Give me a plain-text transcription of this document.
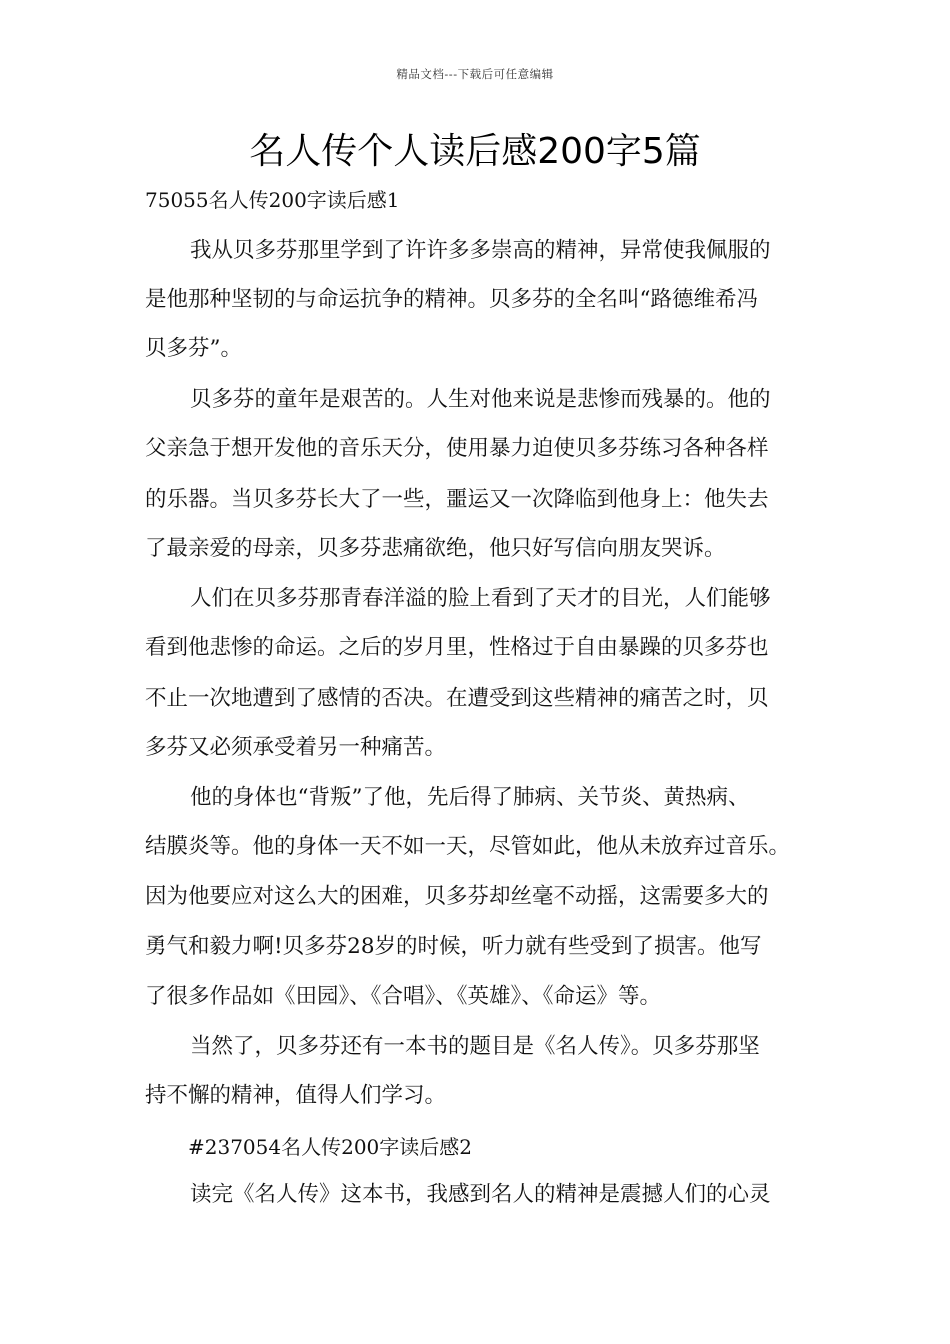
精品文档---下载后可任意编辑
名人传个人读后感200字5篇
75055名人传200字读后感1
我从贝多芬那里学到了许许多多崇高的精神，异常使我佩服的
是他那种坚韧的与命运抗争的精神。贝多芬的全名叫“路德维希冯
贝多芬”。
贝多芬的童年是艰苦的。人生对他来说是悲惨而残暴的。他的
父亲急于想开发他的音乐天分，使用暴力迫使贝多芬练习各种各样
的乐器。当贝多芬长大了一些，噩运又一次降临到他身上：他失去
了最亲爱的母亲，贝多芬悲痛欲绝，他只好写信向朋友哭诉。
人们在贝多芬那青春洋溢的脸上看到了天才的目光，人们能够
看到他悲惨的命运。之后的岁月里，性格过于自由暴躁的贝多芬也
不止一次地遭到了感情的否决。在遭受到这些精神的痛苦之时，贝
多芬又必须承受着另一种痛苦。
他的身体也“背叛”了他，先后得了肺病、关节炎、黄热病、
结膜炎等。他的身体一天不如一天，尽管如此，他从未放弃过音乐。
因为他要应对这么大的困难，贝多芬却丝毫不动摇，这需要多大的
勇气和毅力啊!贝多芬28岁的时候，听力就有些受到了损害。他写
了很多作品如《田园》、《合唱》、《英雄》、《命运》等。
当然了，贝多芬还有一本书的题目是《名人传》。贝多芬那坚
持不懈的精神，值得人们学习。
#237054名人传200字读后感2
读完《名人传》这本书，我感到名人的精神是震撼人们的心灵
